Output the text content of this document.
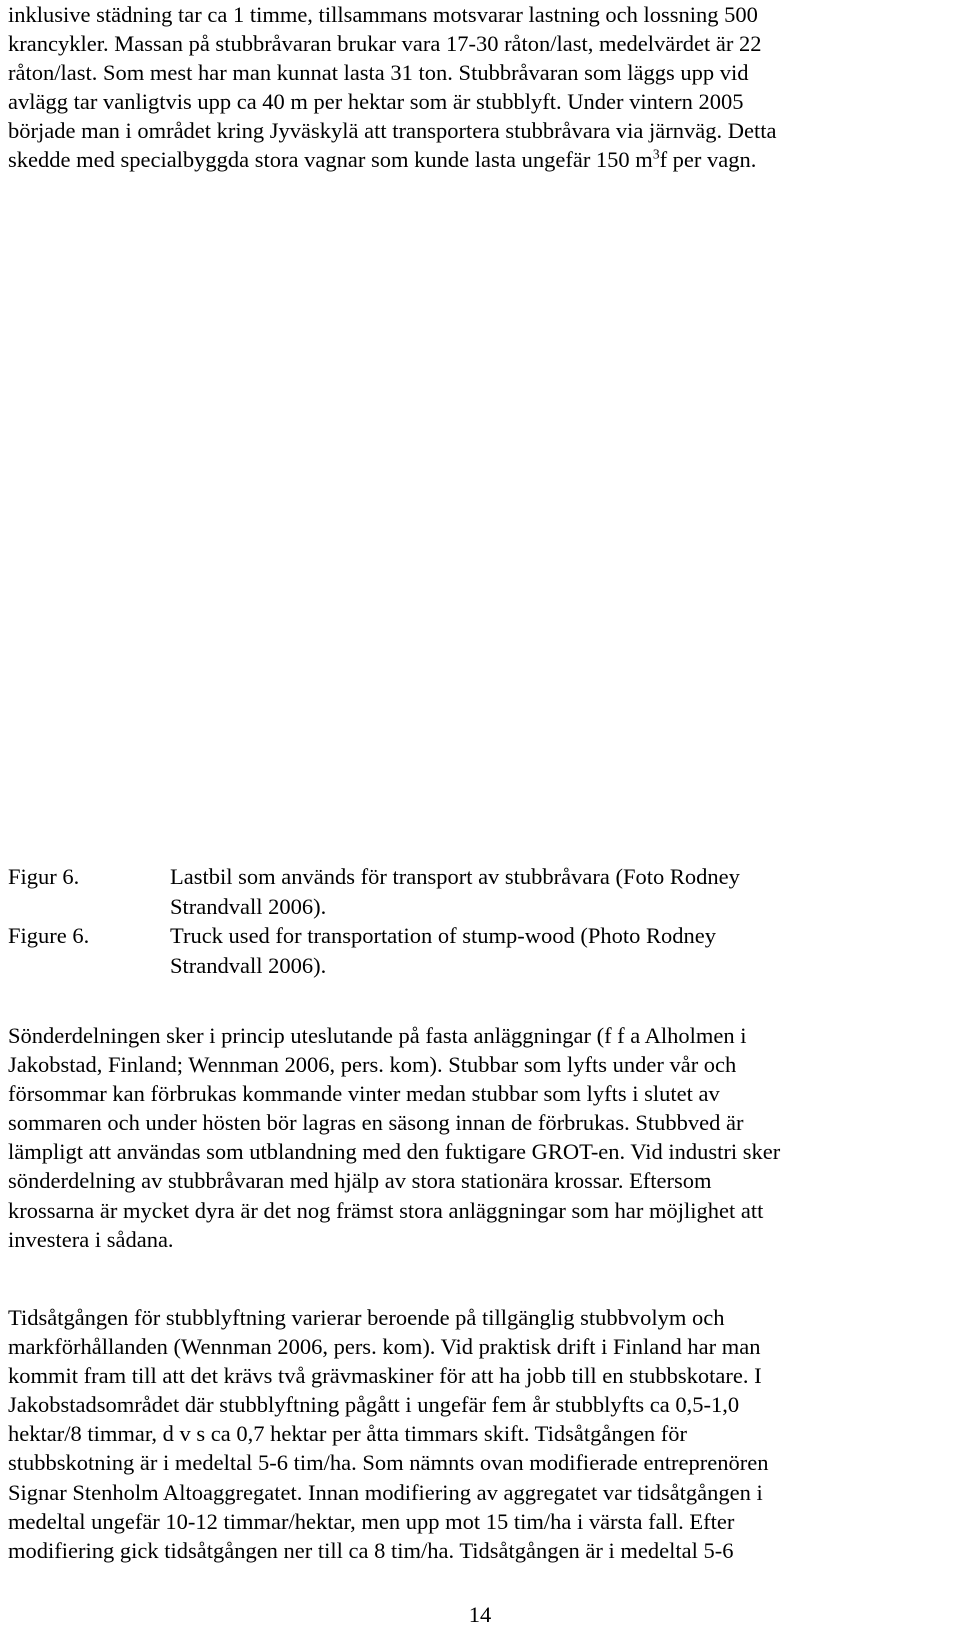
inklusive städning tar ca 1 timme, tillsammans motsvarar lastning och lossning 500
krancykler. Massan på stubbråvaran brukar vara 17-30 råton/last, medelvärdet är 22
råton/last. Som mest har man kunnat lasta 31 ton. Stubbråvaran som läggs upp vid
avlägg tar vanligtvis upp ca 40 m per hektar som är stubblyft. Under vintern 2005
började man i området kring Jyväskylä att transportera stubbråvara via järnväg. Detta
skedde med specialbyggda stora vagnar som kunde lasta ungefär 150 $m^3f$ per vagn.
Figur 6.	Lastbil som används för transport av stubbråvara (Foto Rodney
Strandvall 2006).
Figure 6.	Truck used for transportation of stump-wood (Photo Rodney
Strandvall 2006).
Sönderdelningen sker i princip uteslutande på fasta anläggningar (f f a Alholmen i
Jakobstad, Finland; Wennman 2006, pers. kom). Stubbar som lyfts under vår och
försommar kan förbrukas kommande vinter medan stubbar som lyfts i slutet av
sommaren och under hösten bör lagras en säsong innan de förbrukas. Stubbved är
lämpligt att användas som utblandning med den fuktigare GROT-en. Vid industri sker
sönderdelning av stubbråvaran med hjälp av stora stationära krossar. Eftersom
krossarna är mycket dyra är det nog främst stora anläggningar som har möjlighet att
investera i sådana.
Tidsåtgången för stubblyftning varierar beroende på tillgänglig stubbvolym och
markförhållanden (Wennman 2006, pers. kom). Vid praktisk drift i Finland har man
kommit fram till att det krävs två grävmaskiner för att ha jobb till en stubbskotare. I
Jakobstadsområdet där stubblyftning pågått i ungefär fem år stubblyfts ca 0,5-1,0
hektar/8 timmar, d v s ca 0,7 hektar per åtta timmars skift. Tidsåtgången för
stubbskotning är i medeltal 5-6 tim/ha. Som nämnts ovan modifierade entreprenören
Signar Stenholm Altoaggregatet. Innan modifiering av aggregatet var tidsåtgången i
medeltal ungefär 10-12 timmar/hektar, men upp mot 15 tim/ha i värsta fall. Efter
modifiering gick tidsåtgången ner till ca 8 tim/ha. Tidsåtgången är i medeltal 5-6
14
